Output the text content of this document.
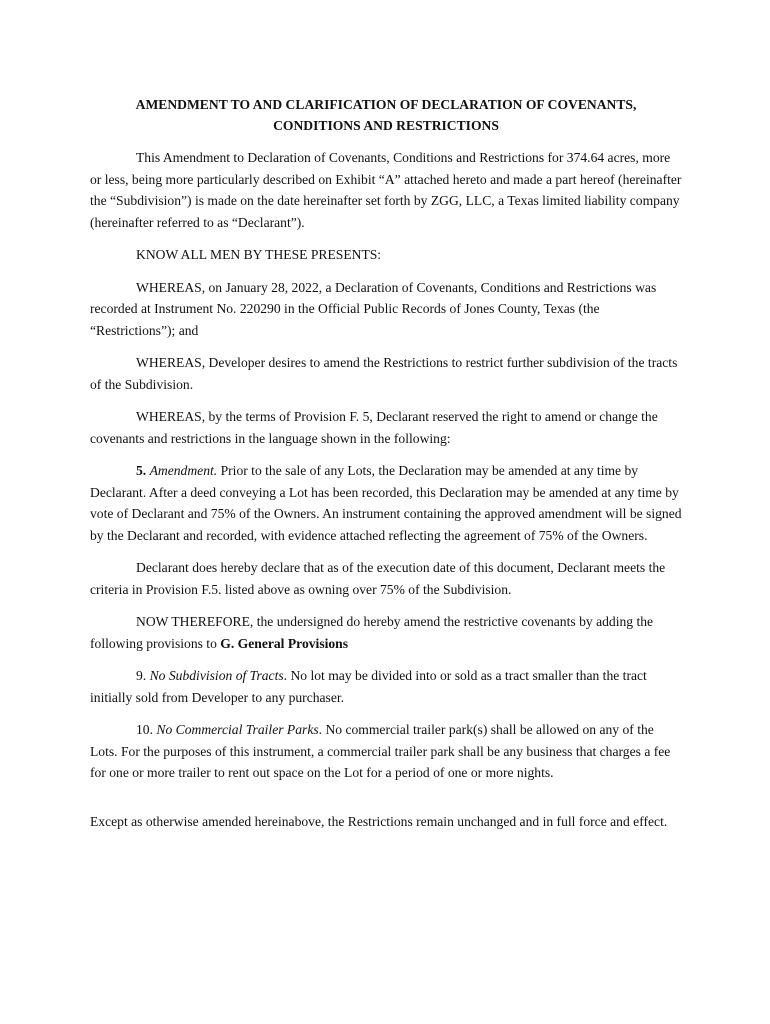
AMENDMENT TO AND CLARIFICATION OF DECLARATION OF COVENANTS,
CONDITIONS AND RESTRICTIONS

This Amendment to Declaration of Covenants, Conditions and Restrictions for 374.64 acres, more or less, being more particularly described on Exhibit “A” attached hereto and made a part hereof (hereinafter the “Subdivision”) is made on the date hereinafter set forth by ZGG, LLC, a Texas limited liability company (hereinafter referred to as “Declarant”).

KNOW ALL MEN BY THESE PRESENTS:

WHEREAS, on January 28, 2022, a Declaration of Covenants, Conditions and Restrictions was recorded at Instrument No. 220290 in the Official Public Records of Jones County, Texas (the “Restrictions”); and

WHEREAS, Developer desires to amend the Restrictions to restrict further subdivision of the tracts of the Subdivision.

WHEREAS, by the terms of Provision F. 5, Declarant reserved the right to amend or change the covenants and restrictions in the language shown in the following:

5. Amendment. Prior to the sale of any Lots, the Declaration may be amended at any time by Declarant. After a deed conveying a Lot has been recorded, this Declaration may be amended at any time by vote of Declarant and 75% of the Owners. An instrument containing the approved amendment will be signed by the Declarant and recorded, with evidence attached reflecting the agreement of 75% of the Owners.

Declarant does hereby declare that as of the execution date of this document, Declarant meets the criteria in Provision F.5. listed above as owning over 75% of the Subdivision.

NOW THEREFORE, the undersigned do hereby amend the restrictive covenants by adding the following provisions to G. General Provisions

9. No Subdivision of Tracts. No lot may be divided into or sold as a tract smaller than the tract initially sold from Developer to any purchaser.

10. No Commercial Trailer Parks. No commercial trailer park(s) shall be allowed on any of the Lots. For the purposes of this instrument, a commercial trailer park shall be any business that charges a fee for one or more trailer to rent out space on the Lot for a period of one or more nights.

Except as otherwise amended hereinabove, the Restrictions remain unchanged and in full force and effect.
